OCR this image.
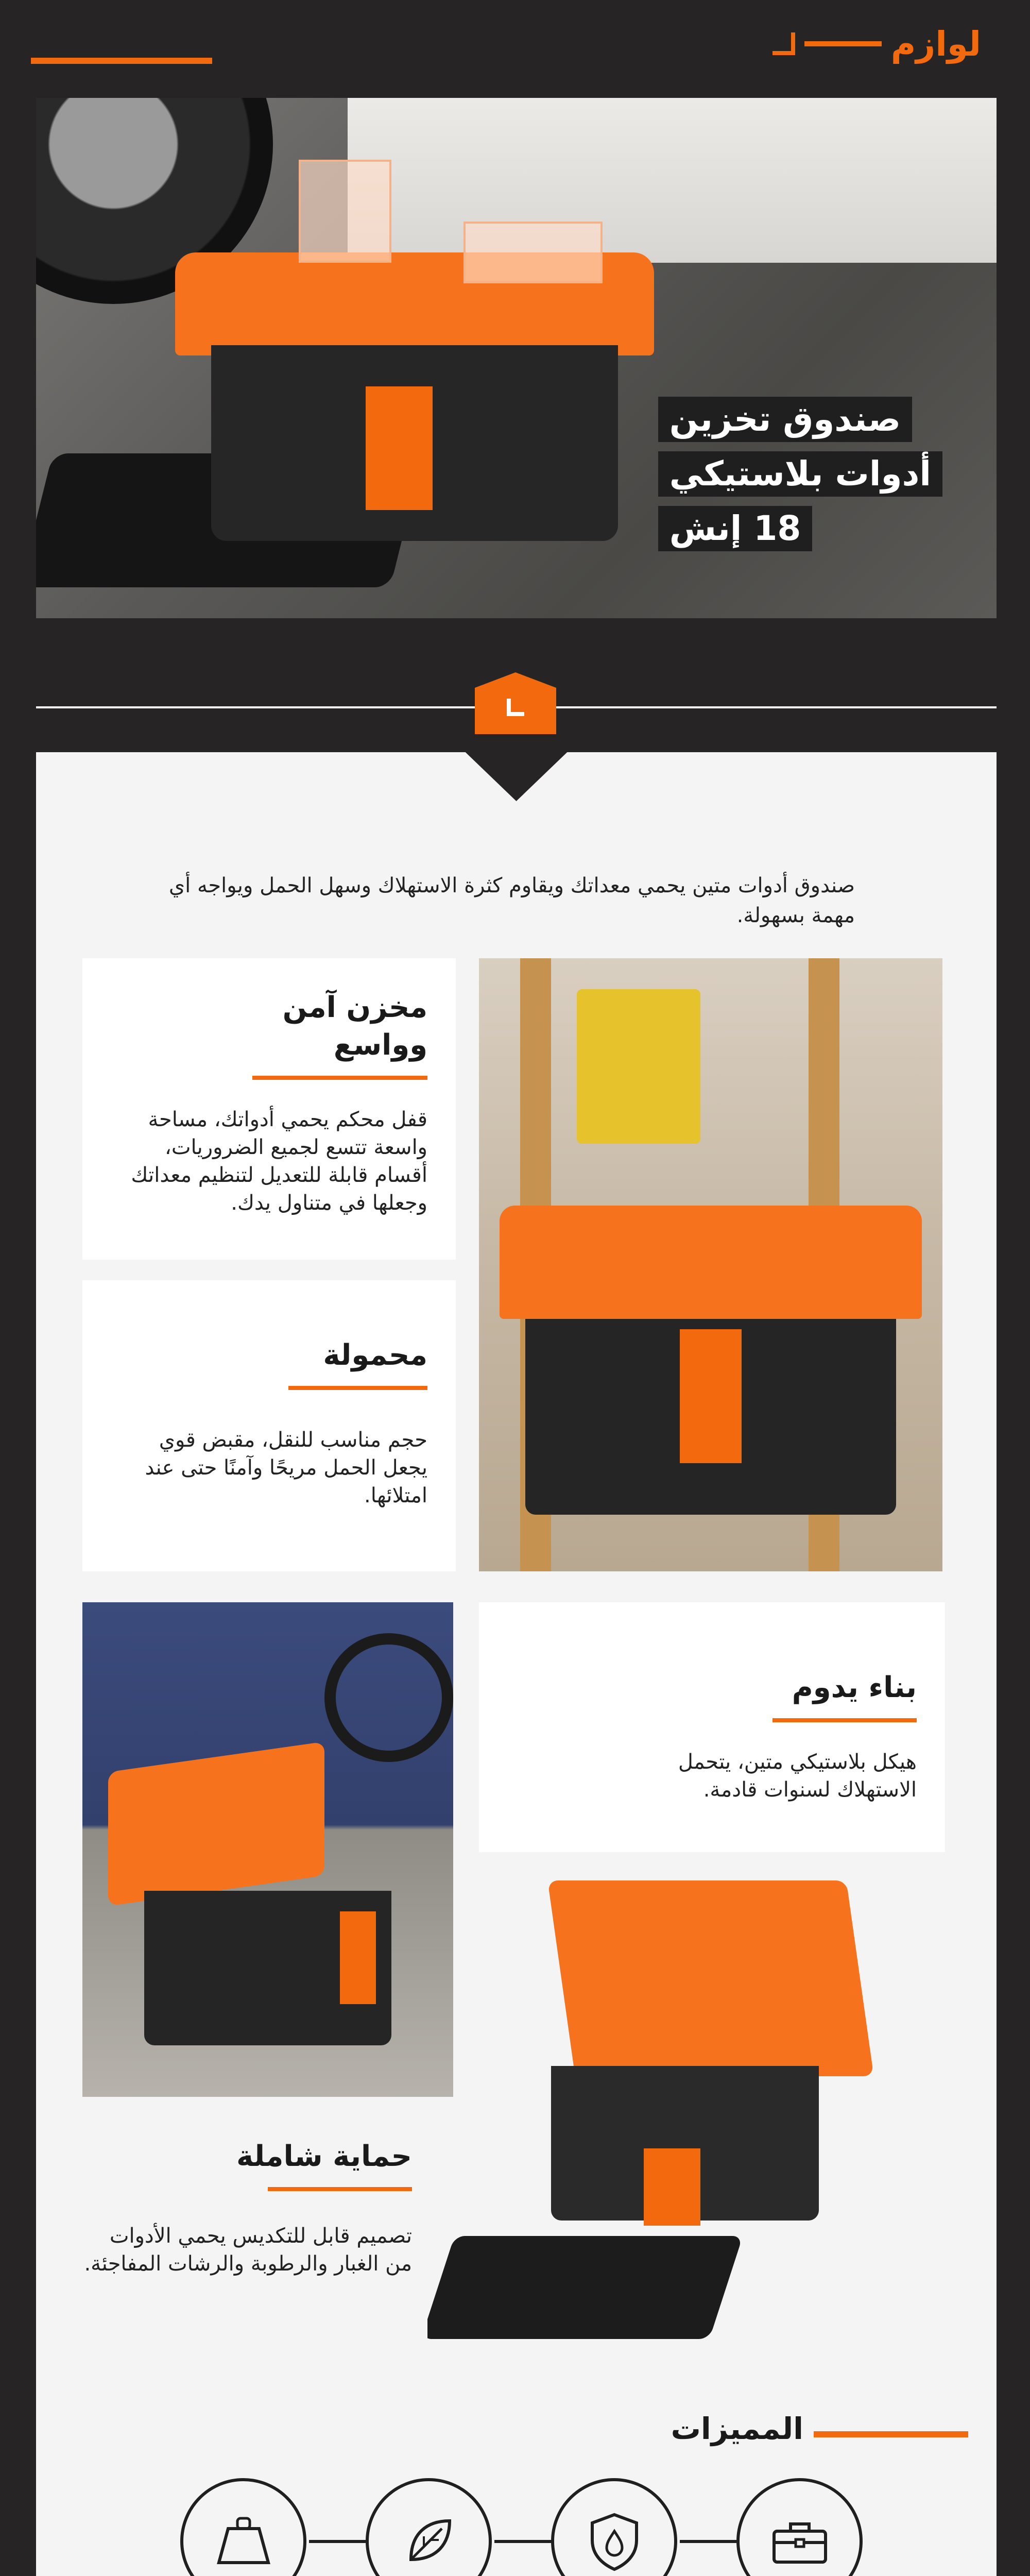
لوازم
صندوق تخزين
أدوات بلاستيكي
18 إنش
صندوق أدوات متين يحمي معداتك ويقاوم كثرة الاستهلاك وسهل الحمل ويواجه أي مهمة بسهولة.
مخزن آمن وواسع
قفل محكم يحمي أدواتك، مساحة واسعة تتسع لجميع الضروريات، أقسام قابلة للتعديل لتنظيم معداتك وجعلها في متناول يدك.
محمولة
حجم مناسب للنقل، مقبض قوي يجعل الحمل مريحًا وآمنًا حتى عند امتلائها.
بناء يدوم
هيكل بلاستيكي متين، يتحمل الاستهلاك لسنوات قادمة.
حماية شاملة
تصميم قابل للتكديس يحمي الأدوات من الغبار والرطوبة والرشات المفاجئة.
المميزات
